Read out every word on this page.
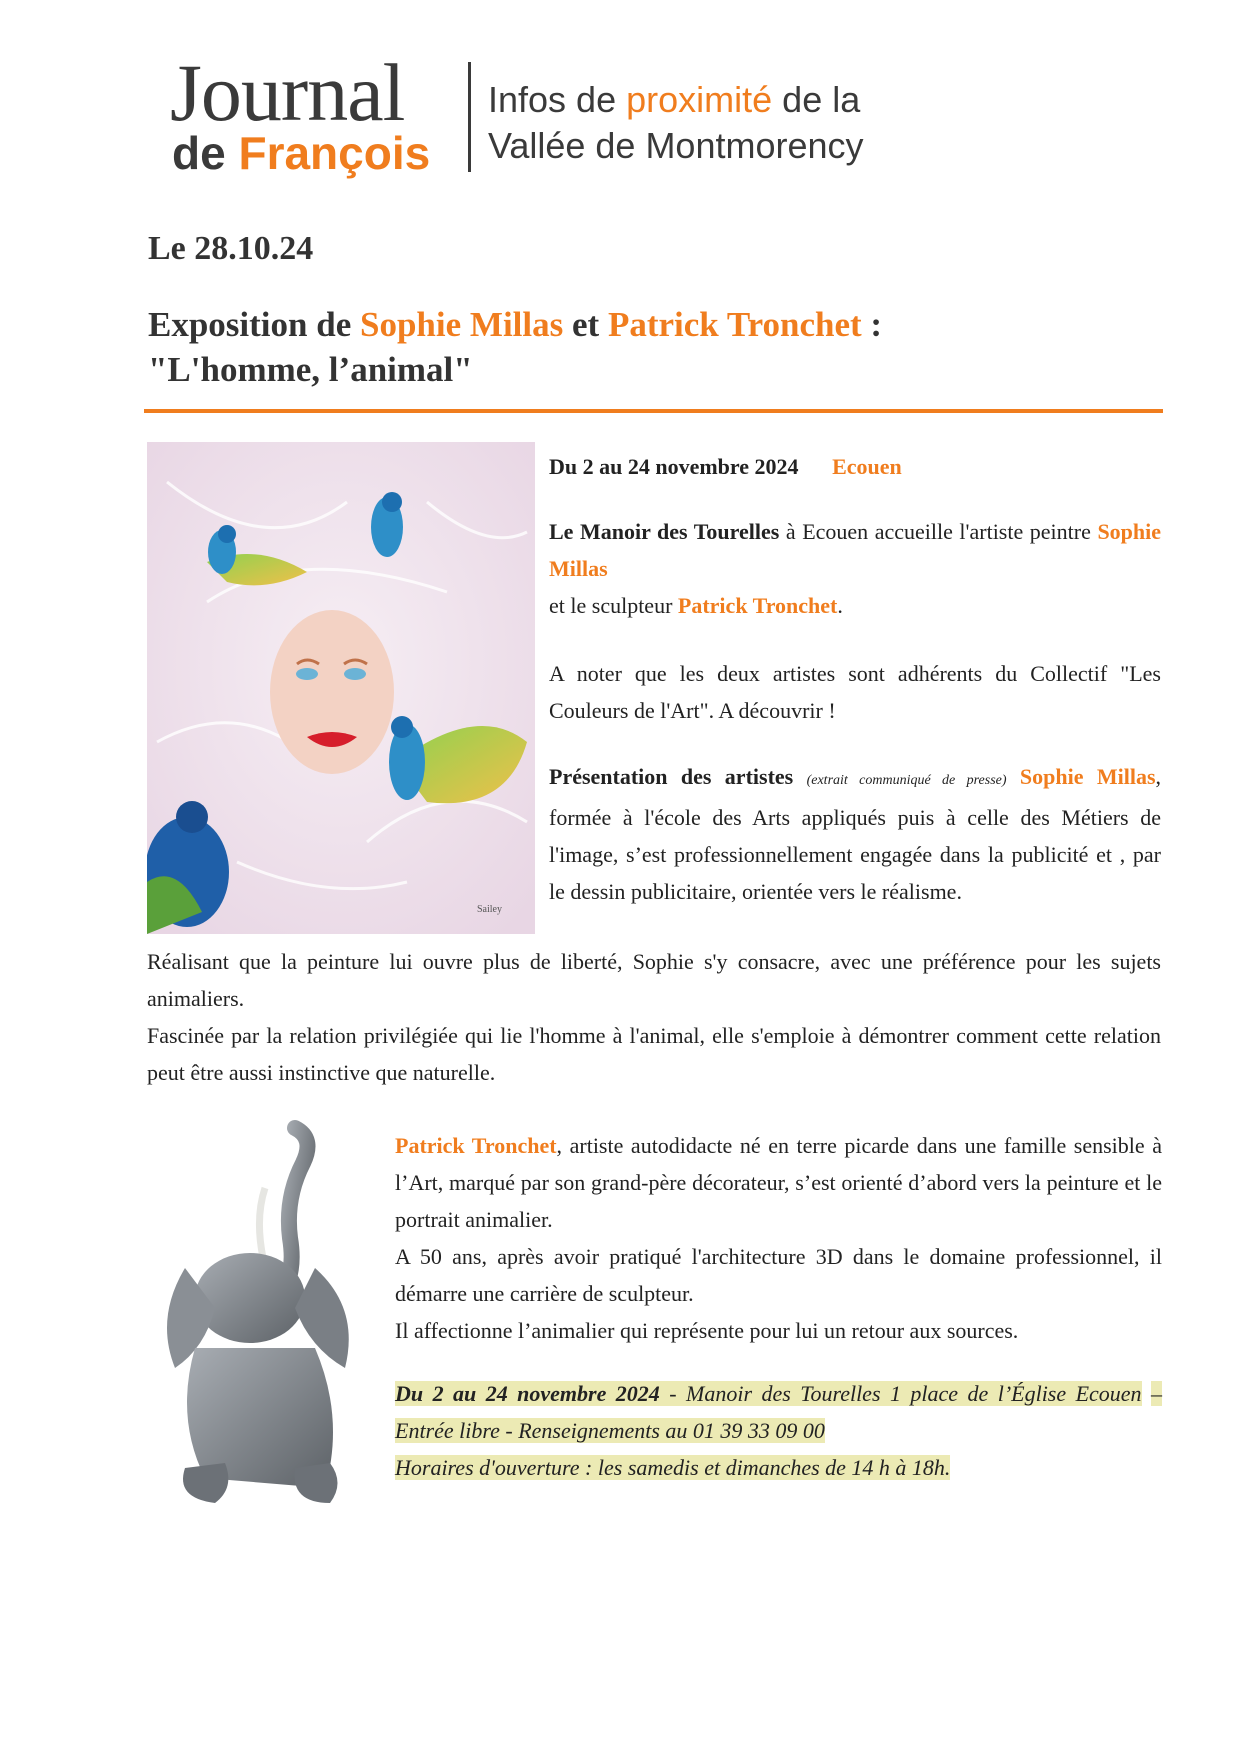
Journal
de François
Infos de proximité de la
Vallée de Montmorency
Le 28.10.24
Exposition de Sophie Millas et Patrick Tronchet :
"L'homme, l’animal"
Sailey
Du 2 au 24 novembre 2024 Ecouen
Le Manoir des Tourelles à Ecouen accueille l'artiste peintre Sophie Millas
et le sculpteur Patrick Tronchet.
A noter que les deux artistes sont adhérents du Collectif "Les Couleurs de l'Art". A découvrir !
Présentation des artistes (extrait communiqué de presse) Sophie Millas, formée à l'école des Arts appliqués puis à celle des Métiers de l'image, s’est professionnellement engagée dans la publicité et , par le dessin publicitaire, orientée vers le réalisme.
Réalisant que la peinture lui ouvre plus de liberté, Sophie s'y consacre, avec une préférence pour les sujets animaliers.
Fascinée par la relation privilégiée qui lie l'homme à l'animal, elle s'emploie à démontrer comment cette relation peut être aussi instinctive que naturelle.
Patrick Tronchet, artiste autodidacte né en terre picarde dans une famille sensible à l’Art, marqué par son grand-père décorateur, s’est orienté d’abord vers la peinture et le portrait animalier.
A 50 ans, après avoir pratiqué l'architecture 3D dans le domaine professionnel, il démarre une carrière de sculpteur.
Il affectionne l’animalier qui représente pour lui un retour aux sources.
Du 2 au 24 novembre 2024 - Manoir des Tourelles 1 place de l’Église Ecouen – Entrée libre - Renseignements au 01 39 33 09 00
Horaires d'ouverture : les samedis et dimanches de 14 h à 18h.
